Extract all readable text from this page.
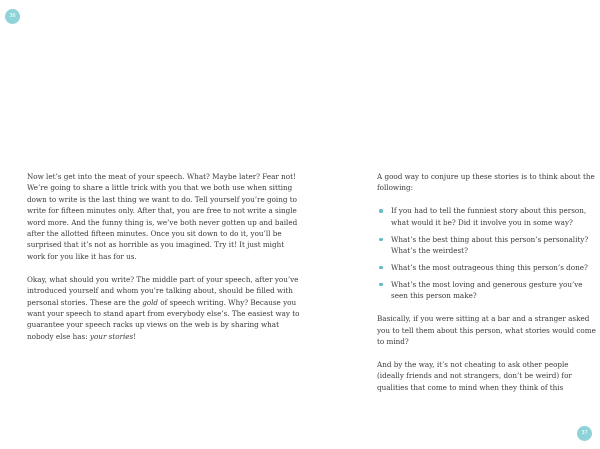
36

Now let’s get into the meat of your speech. What? Maybe later? Fear not! We’re going to share a little trick with you that we both use when sitting down to write is the last thing we want to do. Tell yourself you’re going to write for fifteen minutes only. After that, you are free to not write a single word more. And the funny thing is, we’ve both never gotten up and bailed after the allotted fifteen minutes. Once you sit down to do it, you’ll be surprised that it’s not as horrible as you imagined. Try it! It just might work for you like it has for us.

Okay, what should you write? The middle part of your speech, after you’ve introduced yourself and whom you’re talking about, should be filled with personal stories. These are the gold of speech writing. Why? Because you want your speech to stand apart from everybody else’s. The easiest way to guarantee your speech racks up views on the web is by sharing what nobody else has: your stories!

A good way to conjure up these stories is to think about the following:

If you had to tell the funniest story about this person, what would it be? Did it involve you in some way?
What’s the best thing about this person’s personality? What’s the weirdest?
What’s the most outrageous thing this person’s done?
What’s the most loving and generous gesture you’ve seen this person make?

Basically, if you were sitting at a bar and a stranger asked you to tell them about this person, what stories would come to mind?

And by the way, it’s not cheating to ask other people (ideally friends and not strangers, don’t be weird) for qualities that come to mind when they think of this

37
